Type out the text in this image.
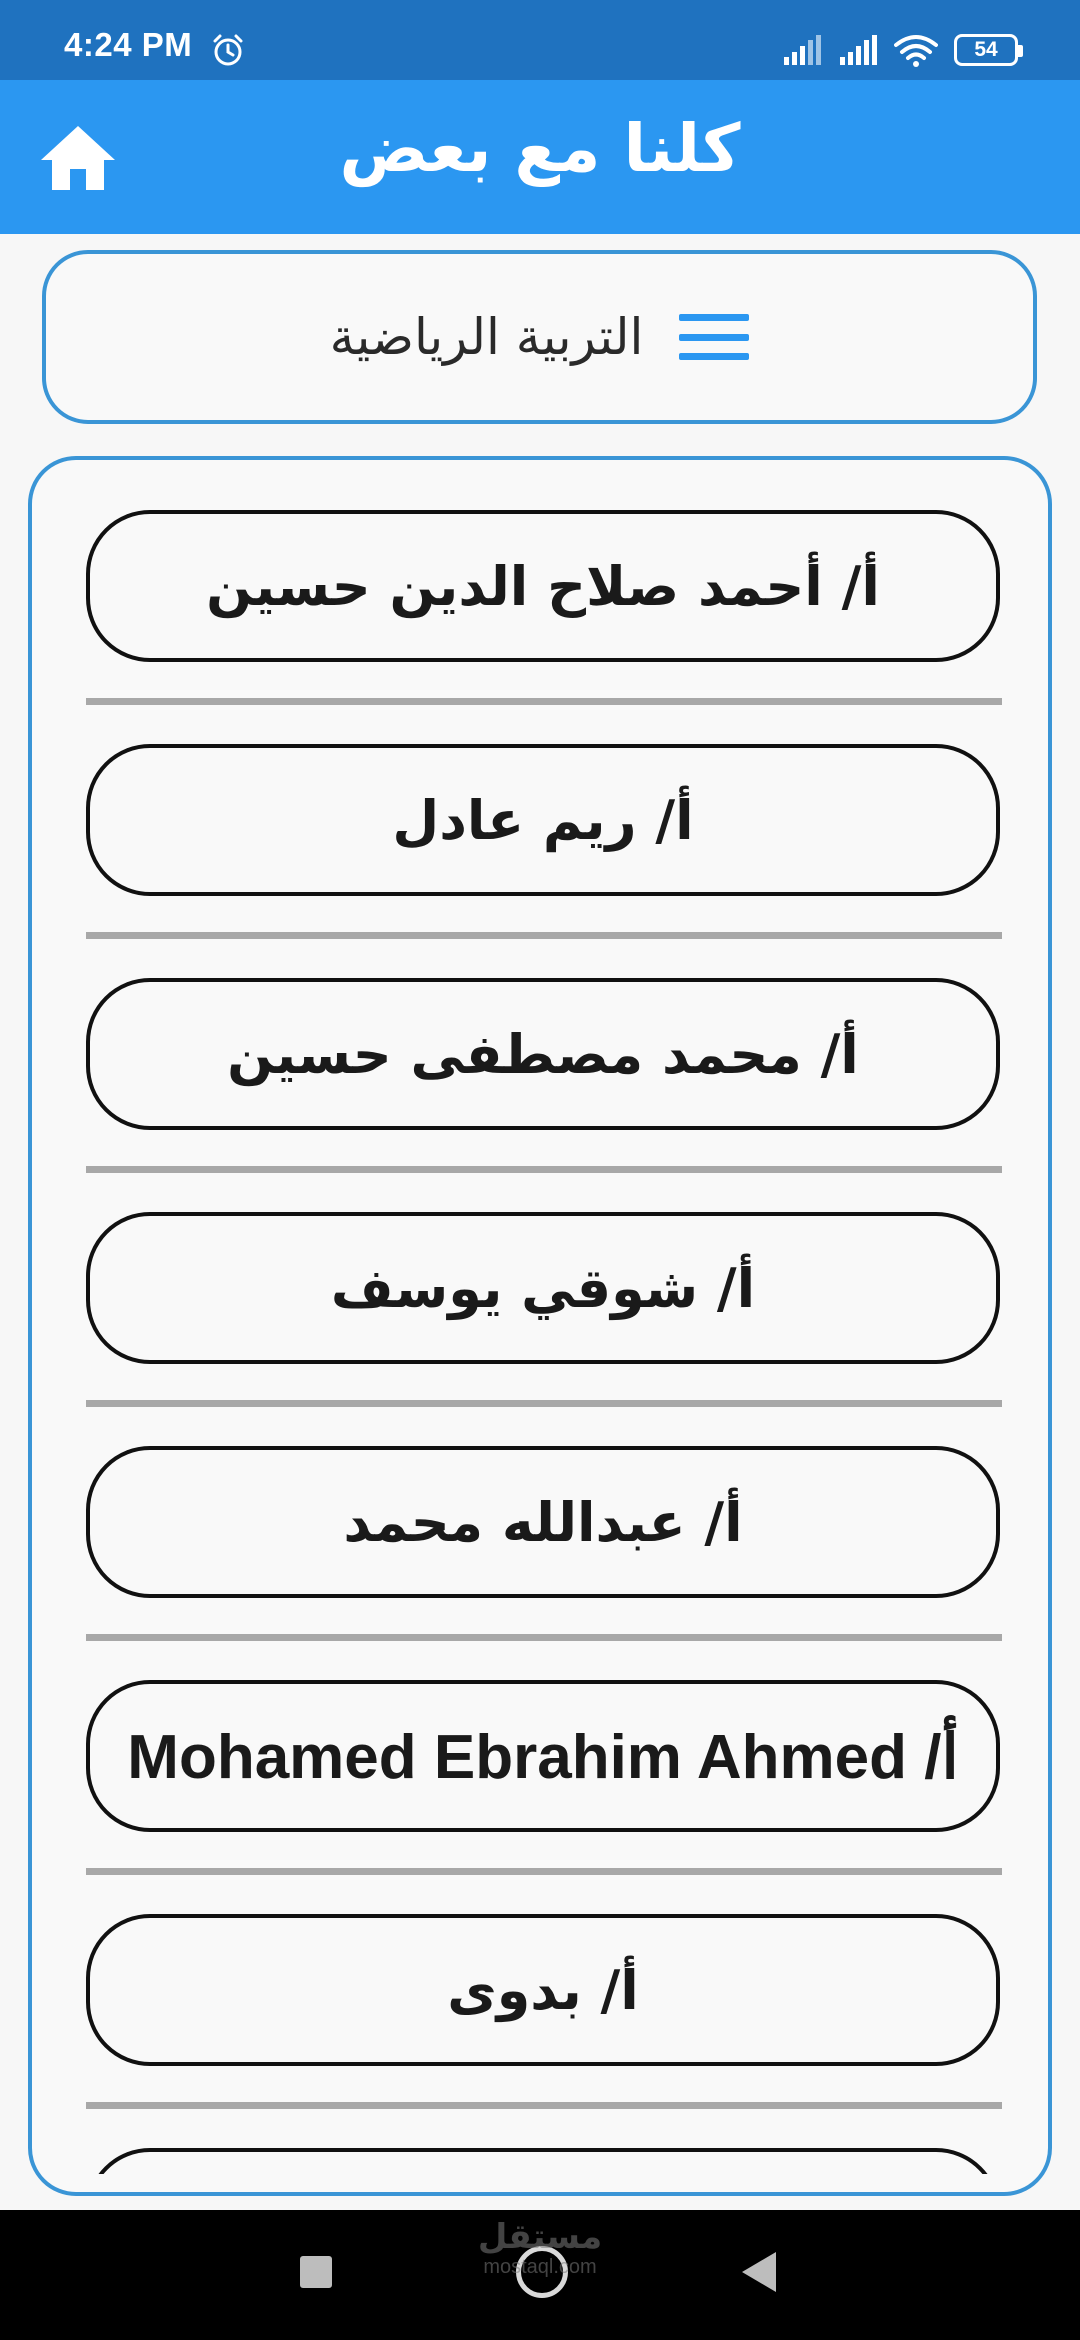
4:24 PM	54
كلنا مع بعض
التربية الرياضية
أ/ أحمد صلاح الدين حسين
أ/ ريم عادل
أ/ محمد مصطفى حسين
أ/ شوقي يوسف
أ/ عبدالله محمد
أ/ Mohamed Ebrahim Ahmed
أ/ بدوى
مستقل
mostaql.com
